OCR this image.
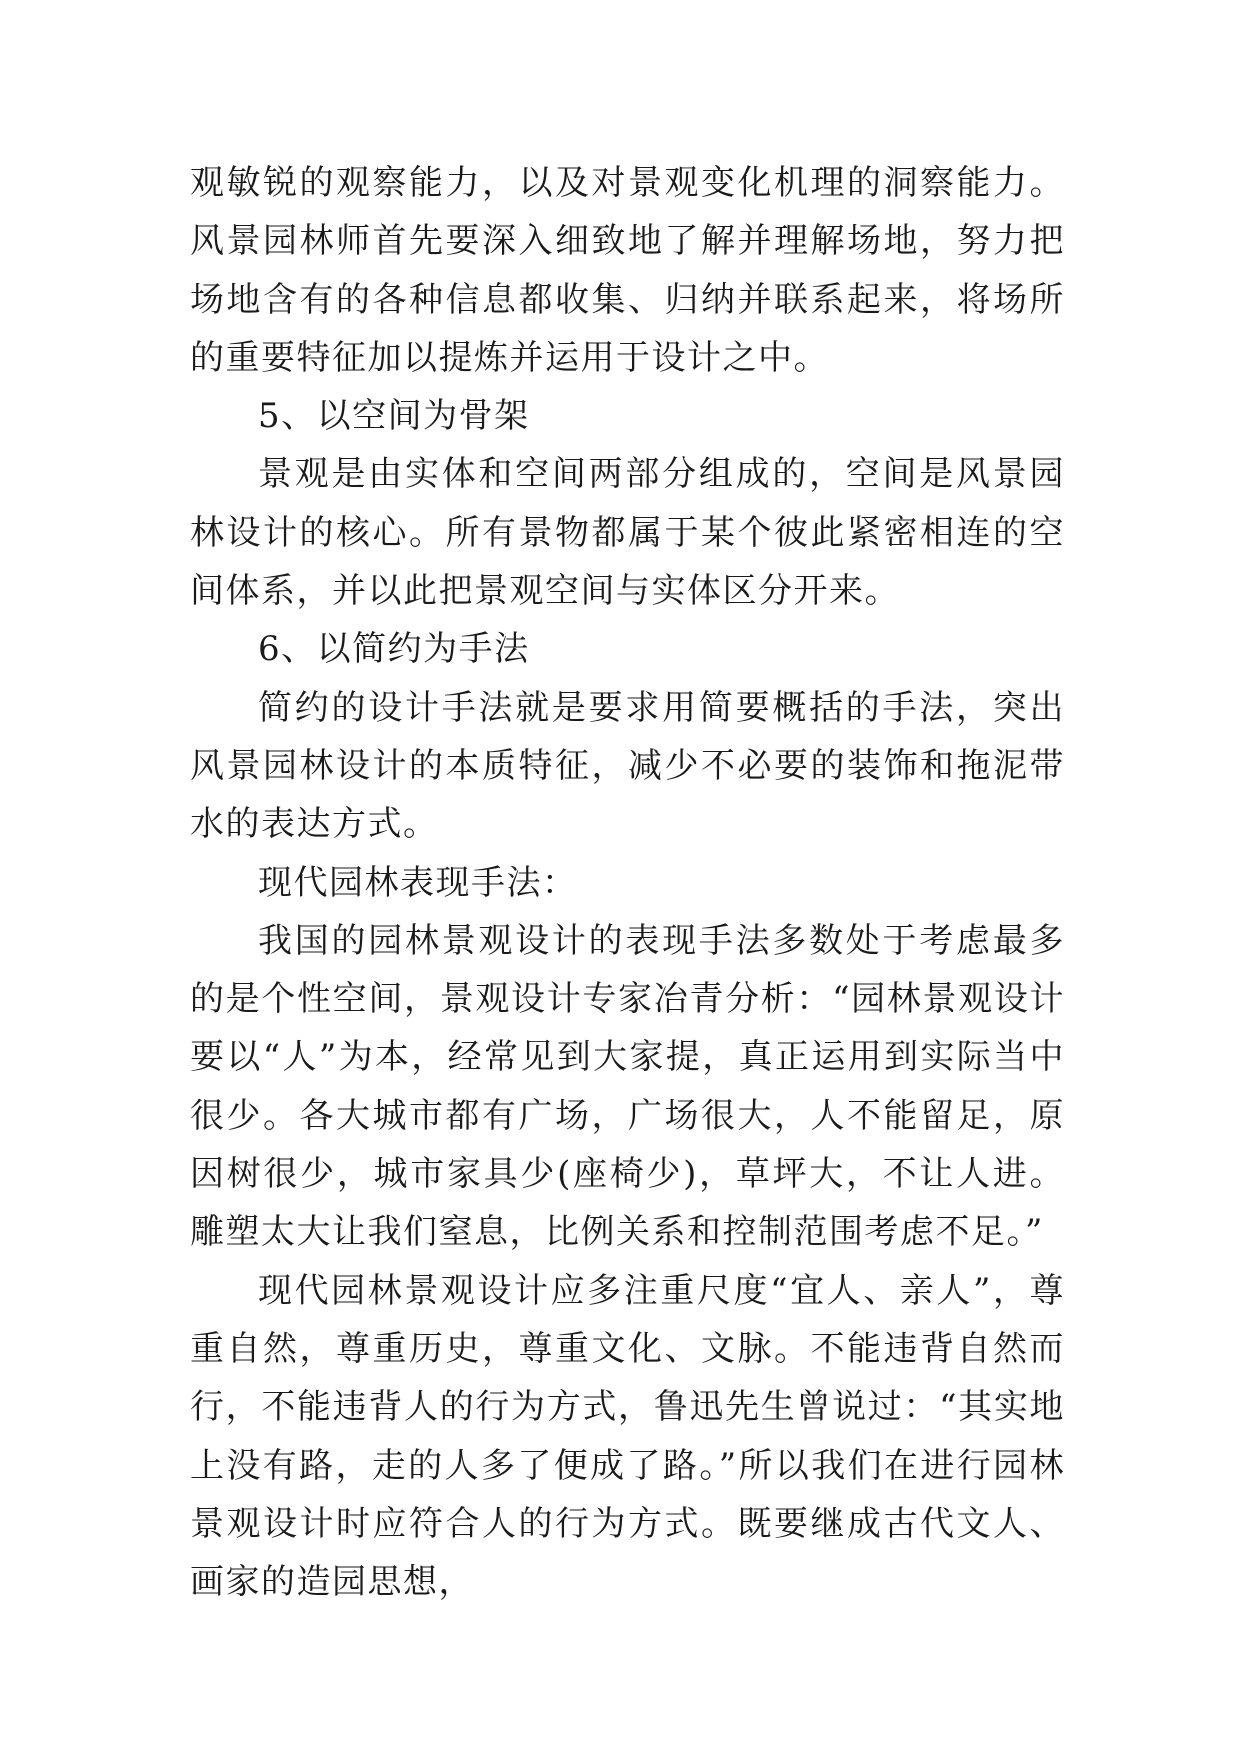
观敏锐的观察能力，以及对景观变化机理的洞察能力。风景园林师首先要深入细致地了解并理解场地，努力把场地含有的各种信息都收集、归纳并联系起来，将场所的重要特征加以提炼并运用于设计之中。

5、以空间为骨架

景观是由实体和空间两部分组成的，空间是风景园林设计的核心。所有景物都属于某个彼此紧密相连的空间体系，并以此把景观空间与实体区分开来。

6、以简约为手法

简约的设计手法就是要求用简要概括的手法，突出风景园林设计的本质特征，减少不必要的装饰和拖泥带水的表达方式。

现代园林表现手法：

我国的园林景观设计的表现手法多数处于考虑最多的是个性空间，景观设计专家冶青分析：“园林景观设计要以“人”为本，经常见到大家提，真正运用到实际当中很少。各大城市都有广场，广场很大，人不能留足，原因树很少，城市家具少(座椅少)，草坪大，不让人进。雕塑太大让我们窒息，比例关系和控制范围考虑不足。”

现代园林景观设计应多注重尺度“宜人、亲人”，尊重自然，尊重历史，尊重文化、文脉。不能违背自然而行，不能违背人的行为方式，鲁迅先生曾说过：“其实地上没有路，走的人多了便成了路。”所以我们在进行园林景观设计时应符合人的行为方式。既要继成古代文人、画家的造园思想，
